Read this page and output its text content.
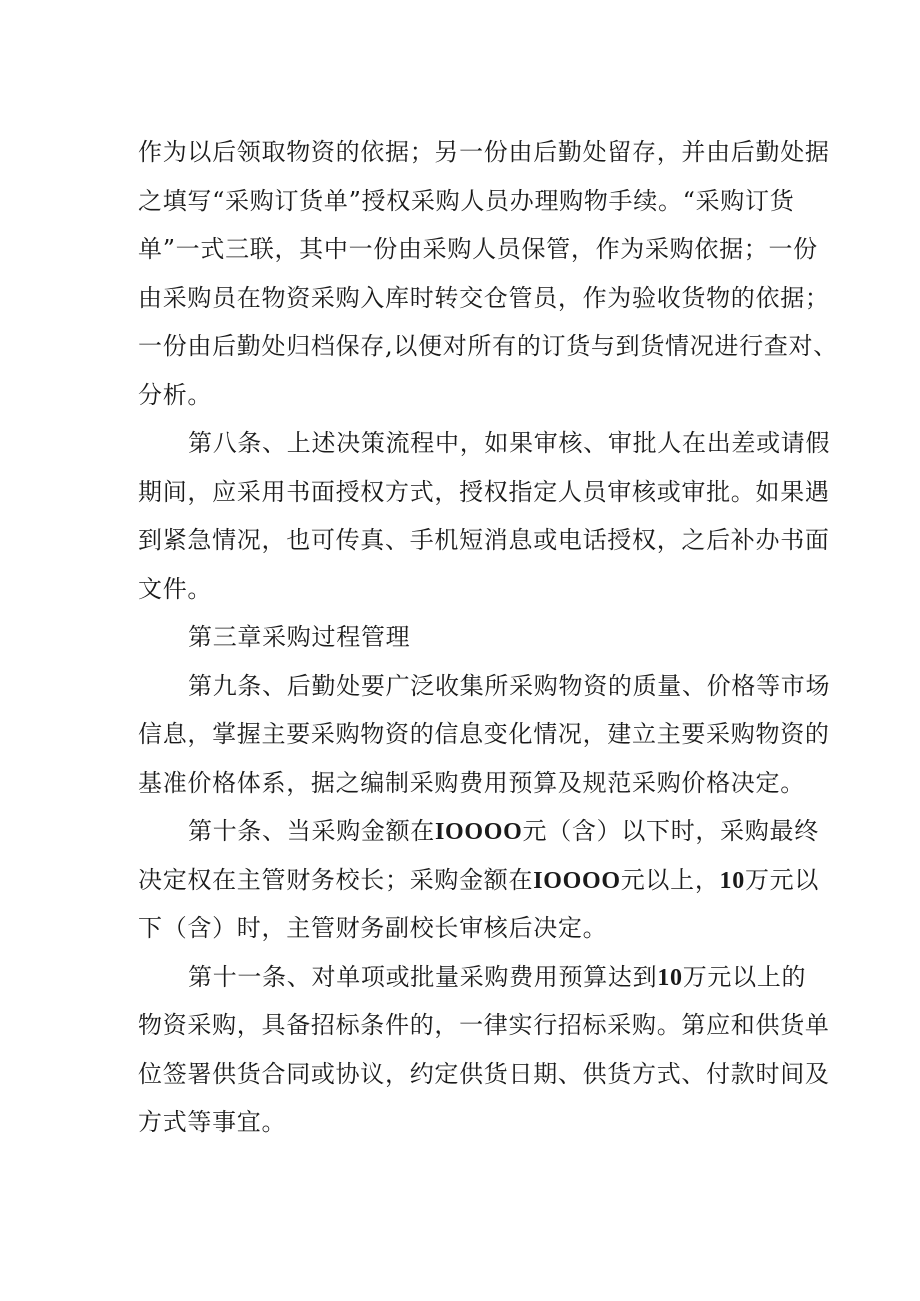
作为以后领取物资的依据；另一份由后勤处留存，并由后勤处据
之填写“采购订货单”授权采购人员办理购物手续。“采购订货
单”一式三联，其中一份由采购人员保管，作为采购依据；一份
由采购员在物资采购入库时转交仓管员，作为验收货物的依据；
一份由后勤处归档保存,以便对所有的订货与到货情况进行查对、
分析。
第八条、上述决策流程中，如果审核、审批人在出差或请假
期间，应采用书面授权方式，授权指定人员审核或审批。如果遇
到紧急情况，也可传真、手机短消息或电话授权，之后补办书面
文件。
第三章采购过程管理
第九条、后勤处要广泛收集所采购物资的质量、价格等市场
信息，掌握主要采购物资的信息变化情况，建立主要采购物资的
基准价格体系，据之编制采购费用预算及规范采购价格决定。
第十条、当采购金额在IOOOO元（含）以下时，采购最终
决定权在主管财务校长；采购金额在IOOOO元以上，10万元以
下（含）时，主管财务副校长审核后决定。
第十一条、对单项或批量采购费用预算达到10万元以上的
物资采购，具备招标条件的，一律实行招标采购。第应和供货单
位签署供货合同或协议，约定供货日期、供货方式、付款时间及
方式等事宜。
